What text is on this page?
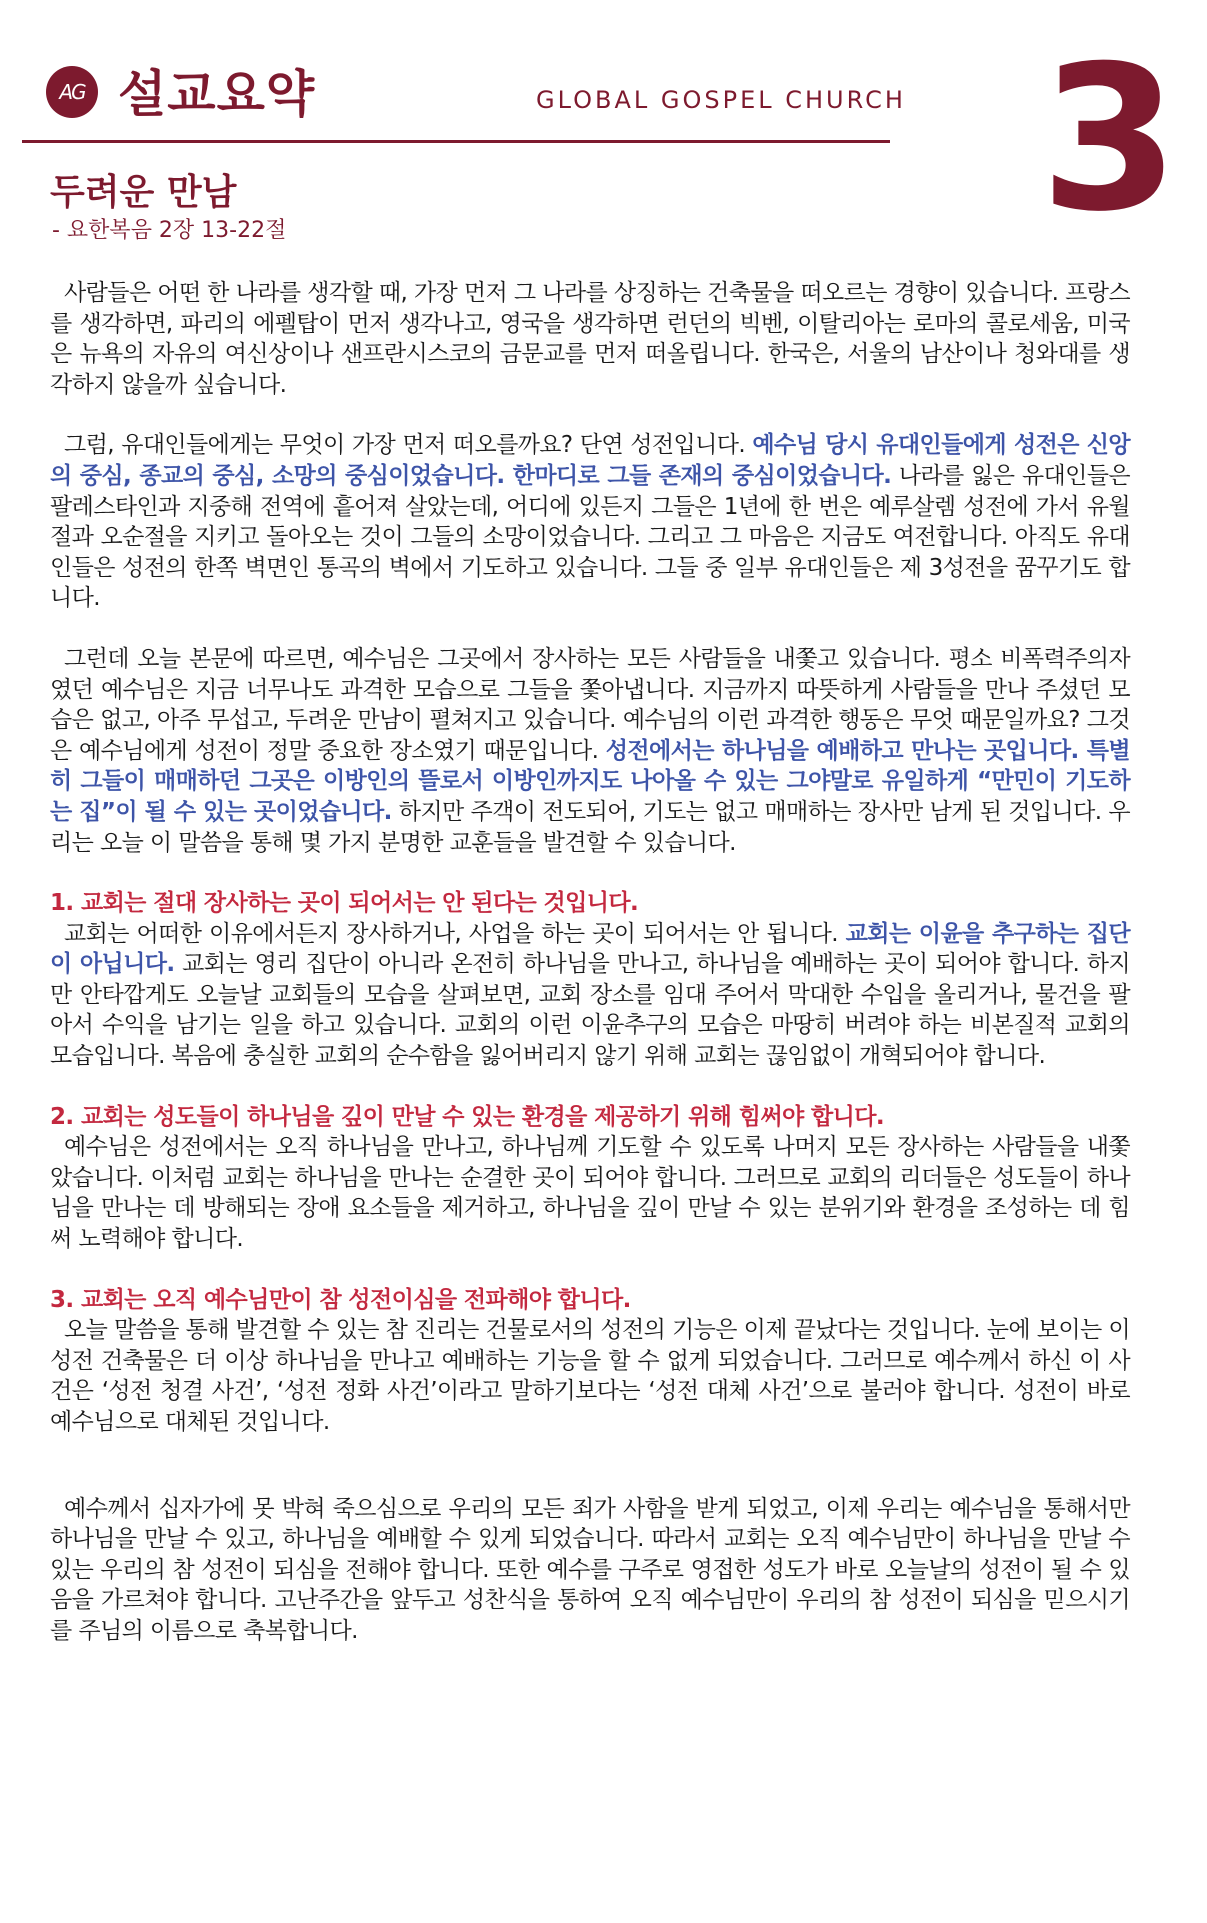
AG 설교요약	GLOBAL GOSPEL CHURCH 3
두려운 만남
- 요한복음 2장 13-22절

사람들은 어떤 한 나라를 생각할 때, 가장 먼저 그 나라를 상징하는 건축물을 떠오르는 경향이 있습니다. 프랑스를 생각하면, 파리의 에펠탑이 먼저 생각나고, 영국을 생각하면 런던의 빅벤, 이탈리아는 로마의 콜로세움, 미국은 뉴욕의 자유의 여신상이나 샌프란시스코의 금문교를 먼저 떠올립니다. 한국은, 서울의 남산이나 청와대를 생각하지 않을까 싶습니다.

그럼, 유대인들에게는 무엇이 가장 먼저 떠오를까요? 단연 성전입니다. 예수님 당시 유대인들에게 성전은 신앙의 중심, 종교의 중심, 소망의 중심이었습니다. 한마디로 그들 존재의 중심이었습니다. 나라를 잃은 유대인들은 팔레스타인과 지중해 전역에 흩어져 살았는데, 어디에 있든지 그들은 1년에 한 번은 예루살렘 성전에 가서 유월절과 오순절을 지키고 돌아오는 것이 그들의 소망이었습니다. 그리고 그 마음은 지금도 여전합니다. 아직도 유대인들은 성전의 한쪽 벽면인 통곡의 벽에서 기도하고 있습니다. 그들 중 일부 유대인들은 제 3성전을 꿈꾸기도 합니다.

그런데 오늘 본문에 따르면, 예수님은 그곳에서 장사하는 모든 사람들을 내쫓고 있습니다. 평소 비폭력주의자였던 예수님은 지금 너무나도 과격한 모습으로 그들을 쫓아냅니다. 지금까지 따뜻하게 사람들을 만나 주셨던 모습은 없고, 아주 무섭고, 두려운 만남이 펼쳐지고 있습니다. 예수님의 이런 과격한 행동은 무엇 때문일까요? 그것은 예수님에게 성전이 정말 중요한 장소였기 때문입니다. 성전에서는 하나님을 예배하고 만나는 곳입니다. 특별히 그들이 매매하던 그곳은 이방인의 뜰로서 이방인까지도 나아올 수 있는 그야말로 유일하게 “만민이 기도하는 집”이 될 수 있는 곳이었습니다. 하지만 주객이 전도되어, 기도는 없고 매매하는 장사만 남게 된 것입니다. 우리는 오늘 이 말씀을 통해 몇 가지 분명한 교훈들을 발견할 수 있습니다.

1. 교회는 절대 장사하는 곳이 되어서는 안 된다는 것입니다.

교회는 어떠한 이유에서든지 장사하거나, 사업을 하는 곳이 되어서는 안 됩니다. 교회는 이윤을 추구하는 집단이 아닙니다. 교회는 영리 집단이 아니라 온전히 하나님을 만나고, 하나님을 예배하는 곳이 되어야 합니다. 하지만 안타깝게도 오늘날 교회들의 모습을 살펴보면, 교회 장소를 임대 주어서 막대한 수입을 올리거나, 물건을 팔아서 수익을 남기는 일을 하고 있습니다. 교회의 이런 이윤추구의 모습은 마땅히 버려야 하는 비본질적 교회의 모습입니다. 복음에 충실한 교회의 순수함을 잃어버리지 않기 위해 교회는 끊임없이 개혁되어야 합니다.

2. 교회는 성도들이 하나님을 깊이 만날 수 있는 환경을 제공하기 위해 힘써야 합니다.

예수님은 성전에서는 오직 하나님을 만나고, 하나님께 기도할 수 있도록 나머지 모든 장사하는 사람들을 내쫓았습니다. 이처럼 교회는 하나님을 만나는 순결한 곳이 되어야 합니다. 그러므로 교회의 리더들은 성도들이 하나님을 만나는 데 방해되는 장애 요소들을 제거하고, 하나님을 깊이 만날 수 있는 분위기와 환경을 조성하는 데 힘써 노력해야 합니다.

3. 교회는 오직 예수님만이 참 성전이심을 전파해야 합니다.

오늘 말씀을 통해 발견할 수 있는 참 진리는 건물로서의 성전의 기능은 이제 끝났다는 것입니다. 눈에 보이는 이 성전 건축물은 더 이상 하나님을 만나고 예배하는 기능을 할 수 없게 되었습니다. 그러므로 예수께서 하신 이 사건은 ‘성전 청결 사건’, ‘성전 정화 사건’이라고 말하기보다는 ‘성전 대체 사건’으로 불러야 합니다. 성전이 바로 예수님으로 대체된 것입니다.

예수께서 십자가에 못 박혀 죽으심으로 우리의 모든 죄가 사함을 받게 되었고, 이제 우리는 예수님을 통해서만 하나님을 만날 수 있고, 하나님을 예배할 수 있게 되었습니다. 따라서 교회는 오직 예수님만이 하나님을 만날 수 있는 우리의 참 성전이 되심을 전해야 합니다. 또한 예수를 구주로 영접한 성도가 바로 오늘날의 성전이 될 수 있음을 가르쳐야 합니다. 고난주간을 앞두고 성찬식을 통하여 오직 예수님만이 우리의 참 성전이 되심을 믿으시기를 주님의 이름으로 축복합니다.
